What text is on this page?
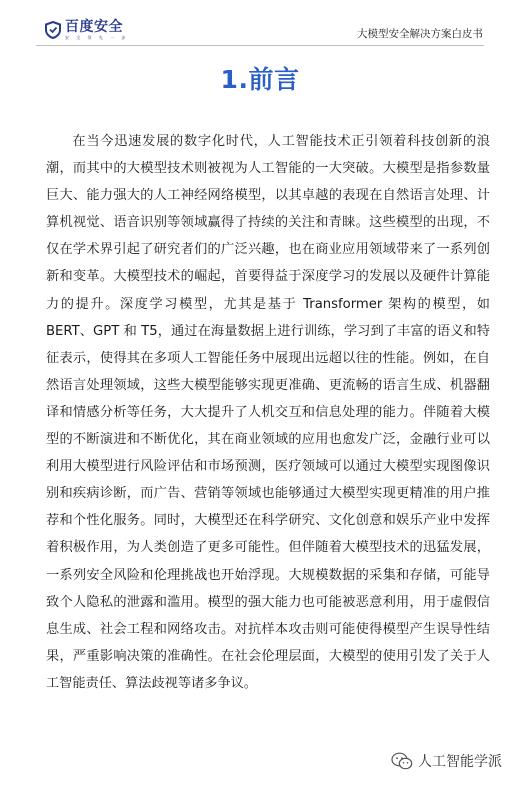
百度安全
安 全 领 先 一 步	大模型安全解决方案白皮书
1.前言

在当今迅速发展的数字化时代，人工智能技术正引领着科技创新的浪潮，而其中的大模型技术则被视为人工智能的一大突破。大模型是指参数量巨大、能力强大的人工神经网络模型，以其卓越的表现在自然语言处理、计算机视觉、语音识别等领域赢得了持续的关注和青睐。这些模型的出现，不仅在学术界引起了研究者们的广泛兴趣，也在商业应用领域带来了一系列创新和变革。大模型技术的崛起，首要得益于深度学习的发展以及硬件计算能力的提升。深度学习模型，尤其是基于 Transformer 架构的模型，如 BERT、GPT 和 T5，通过在海量数据上进行训练，学习到了丰富的语义和特征表示，使得其在多项人工智能任务中展现出远超以往的性能。例如，在自然语言处理领域，这些大模型能够实现更准确、更流畅的语言生成、机器翻译和情感分析等任务，大大提升了人机交互和信息处理的能力。伴随着大模型的不断演进和不断优化，其在商业领域的应用也愈发广泛，金融行业可以利用大模型进行风险评估和市场预测，医疗领域可以通过大模型实现图像识别和疾病诊断，而广告、营销等领域也能够通过大模型实现更精准的用户推荐和个性化服务。同时，大模型还在科学研究、文化创意和娱乐产业中发挥着积极作用，为人类创造了更多可能性。但伴随着大模型技术的迅猛发展，一系列安全风险和伦理挑战也开始浮现。大规模数据的采集和存储，可能导致个人隐私的泄露和滥用。模型的强大能力也可能被恶意利用，用于虚假信息生成、社会工程和网络攻击。对抗样本攻击则可能使得模型产生误导性结果，严重影响决策的准确性。在社会伦理层面，大模型的使用引发了关于人工智能责任、算法歧视等诸多争议。

人工智能学派
